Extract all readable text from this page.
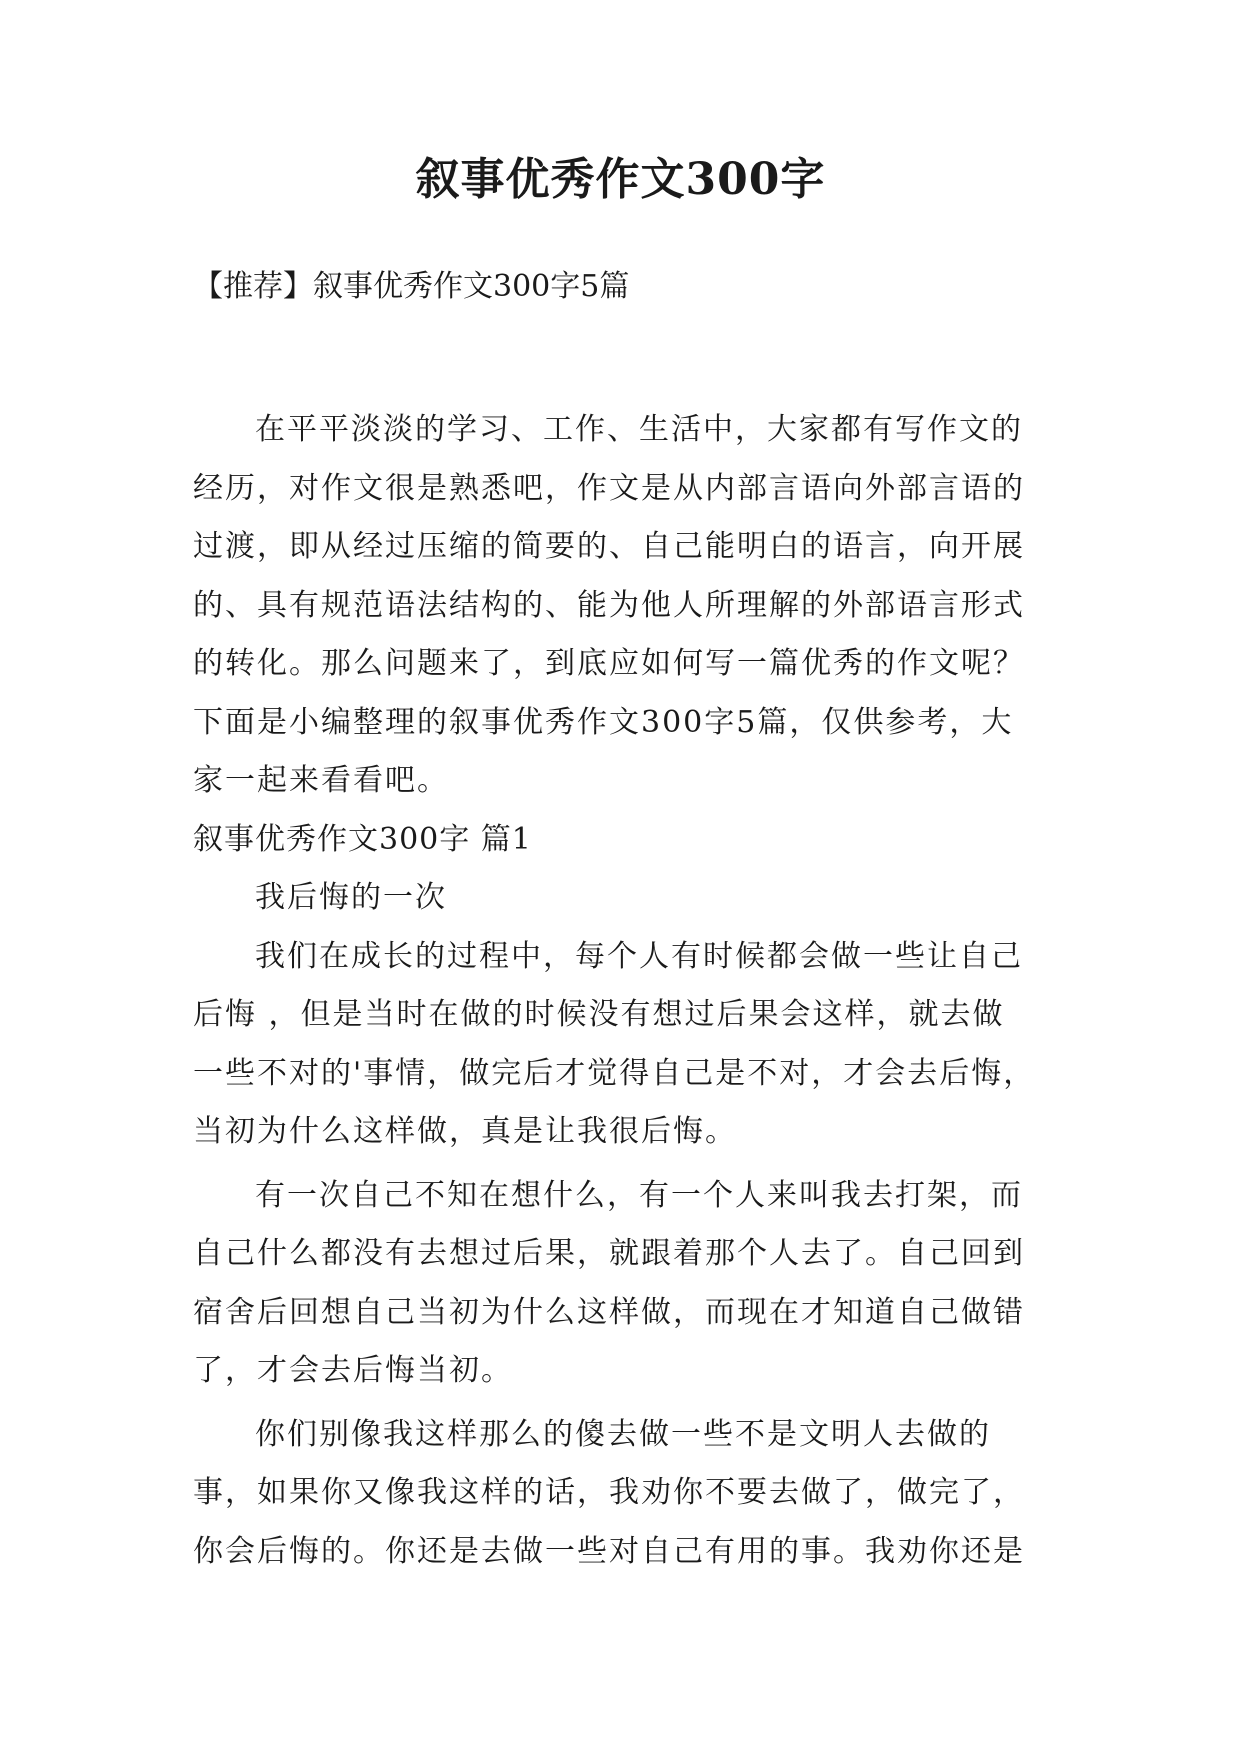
叙事优秀作文300字
【推荐】叙事优秀作文300字5篇
在平平淡淡的学习、工作、生活中，大家都有写作文的
经历，对作文很是熟悉吧，作文是从内部言语向外部言语的
过渡，即从经过压缩的简要的、自己能明白的语言，向开展
的、具有规范语法结构的、能为他人所理解的外部语言形式
的转化。那么问题来了，到底应如何写一篇优秀的作文呢？
下面是小编整理的叙事优秀作文300字5篇，仅供参考，大
家一起来看看吧。
叙事优秀作文300字 篇1
我后悔的一次
我们在成长的过程中，每个人有时候都会做一些让自己
后悔 ，但是当时在做的时候没有想过后果会这样，就去做
一些不对的'事情，做完后才觉得自己是不对，才会去后悔，
当初为什么这样做，真是让我很后悔。
有一次自己不知在想什么，有一个人来叫我去打架，而
自己什么都没有去想过后果，就跟着那个人去了。自己回到
宿舍后回想自己当初为什么这样做，而现在才知道自己做错
了，才会去后悔当初。
你们别像我这样那么的傻去做一些不是文明人去做的
事，如果你又像我这样的话，我劝你不要去做了，做完了，
你会后悔的。你还是去做一些对自己有用的事。我劝你还是
